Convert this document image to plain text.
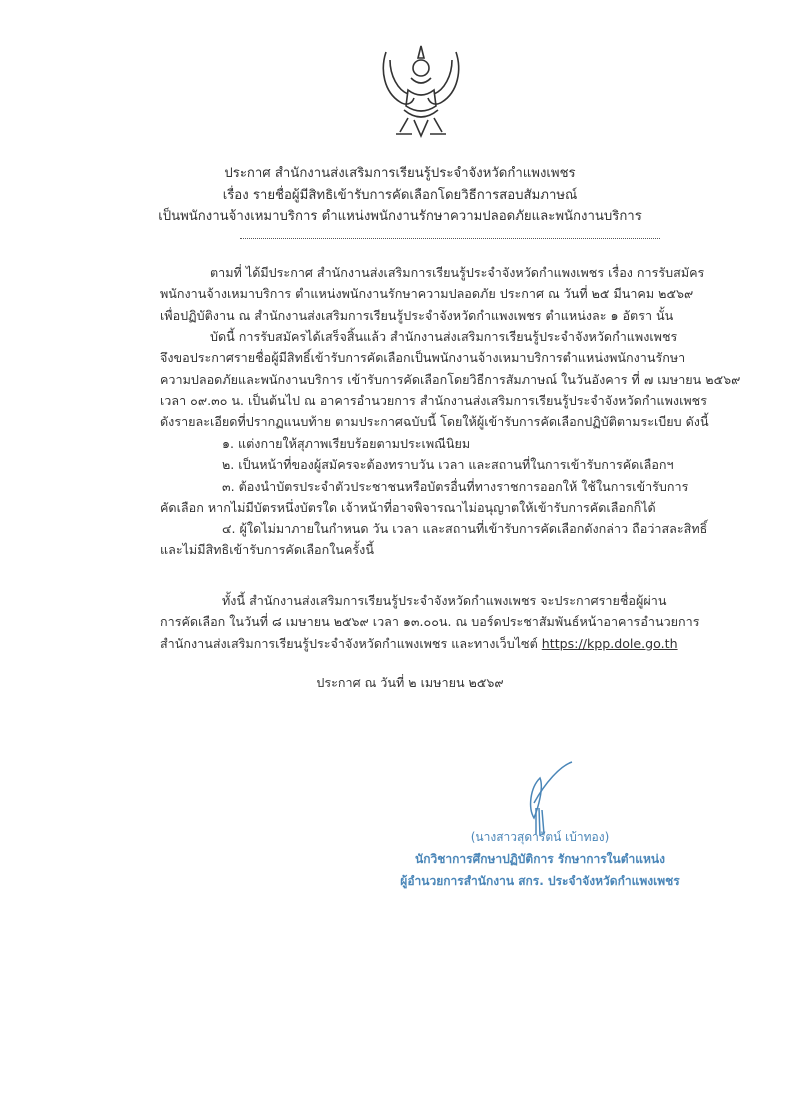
ประกาศ สำนักงานส่งเสริมการเรียนรู้ประจำจังหวัดกำแพงเพชร
เรื่อง รายชื่อผู้มีสิทธิเข้ารับการคัดเลือกโดยวิธีการสอบสัมภาษณ์
เป็นพนักงานจ้างเหมาบริการ ตำแหน่งพนักงานรักษาความปลอดภัยและพนักงานบริการ
ตามที่ ได้มีประกาศ สำนักงานส่งเสริมการเรียนรู้ประจำจังหวัดกำแพงเพชร เรื่อง การรับสมัคร
พนักงานจ้างเหมาบริการ ตำแหน่งพนักงานรักษาความปลอดภัย ประกาศ ณ วันที่ ๒๕ มีนาคม ๒๕๖๙
เพื่อปฏิบัติงาน ณ สำนักงานส่งเสริมการเรียนรู้ประจำจังหวัดกำแพงเพชร ตำแหน่งละ ๑ อัตรา นั้น
บัดนี้ การรับสมัครได้เสร็จสิ้นแล้ว สำนักงานส่งเสริมการเรียนรู้ประจำจังหวัดกำแพงเพชร
จึงขอประกาศรายชื่อผู้มีสิทธิ์เข้ารับการคัดเลือกเป็นพนักงานจ้างเหมาบริการตำแหน่งพนักงานรักษา
ความปลอดภัยและพนักงานบริการ เข้ารับการคัดเลือกโดยวิธีการสัมภาษณ์ ในวันอังคาร ที่ ๗ เมษายน ๒๕๖๙
เวลา ๐๙.๓๐ น. เป็นต้นไป ณ อาคารอำนวยการ สำนักงานส่งเสริมการเรียนรู้ประจำจังหวัดกำแพงเพชร
ดังรายละเอียดที่ปรากฏแนบท้าย ตามประกาศฉบับนี้ โดยให้ผู้เข้ารับการคัดเลือกปฏิบัติตามระเบียบ ดังนี้
๑. แต่งกายให้สุภาพเรียบร้อยตามประเพณีนิยม
๒. เป็นหน้าที่ของผู้สมัครจะต้องทราบวัน เวลา และสถานที่ในการเข้ารับการคัดเลือกฯ
๓. ต้องนำบัตรประจำตัวประชาชนหรือบัตรอื่นที่ทางราชการออกให้ ใช้ในการเข้ารับการ
คัดเลือก หากไม่มีบัตรหนึ่งบัตรใด เจ้าหน้าที่อาจพิจารณาไม่อนุญาตให้เข้ารับการคัดเลือกก็ได้
๔. ผู้ใดไม่มาภายในกำหนด วัน เวลา และสถานที่เข้ารับการคัดเลือกดังกล่าว ถือว่าสละสิทธิ์
และไม่มีสิทธิเข้ารับการคัดเลือกในครั้งนี้
ทั้งนี้ สำนักงานส่งเสริมการเรียนรู้ประจำจังหวัดกำแพงเพชร จะประกาศรายชื่อผู้ผ่าน
การคัดเลือก ในวันที่ ๘ เมษายน ๒๕๖๙ เวลา ๑๓.๐๐น. ณ บอร์ดประชาสัมพันธ์หน้าอาคารอำนวยการ
สำนักงานส่งเสริมการเรียนรู้ประจำจังหวัดกำแพงเพชร และทางเว็บไซต์ https://kpp.dole.go.th
ประกาศ ณ วันที่ ๒ เมษายน ๒๕๖๙
(นางสาวสุดารัตน์ เบ้าทอง)
นักวิชาการศึกษาปฏิบัติการ รักษาการในตำแหน่ง
ผู้อำนวยการสำนักงาน สกร. ประจำจังหวัดกำแพงเพชร
